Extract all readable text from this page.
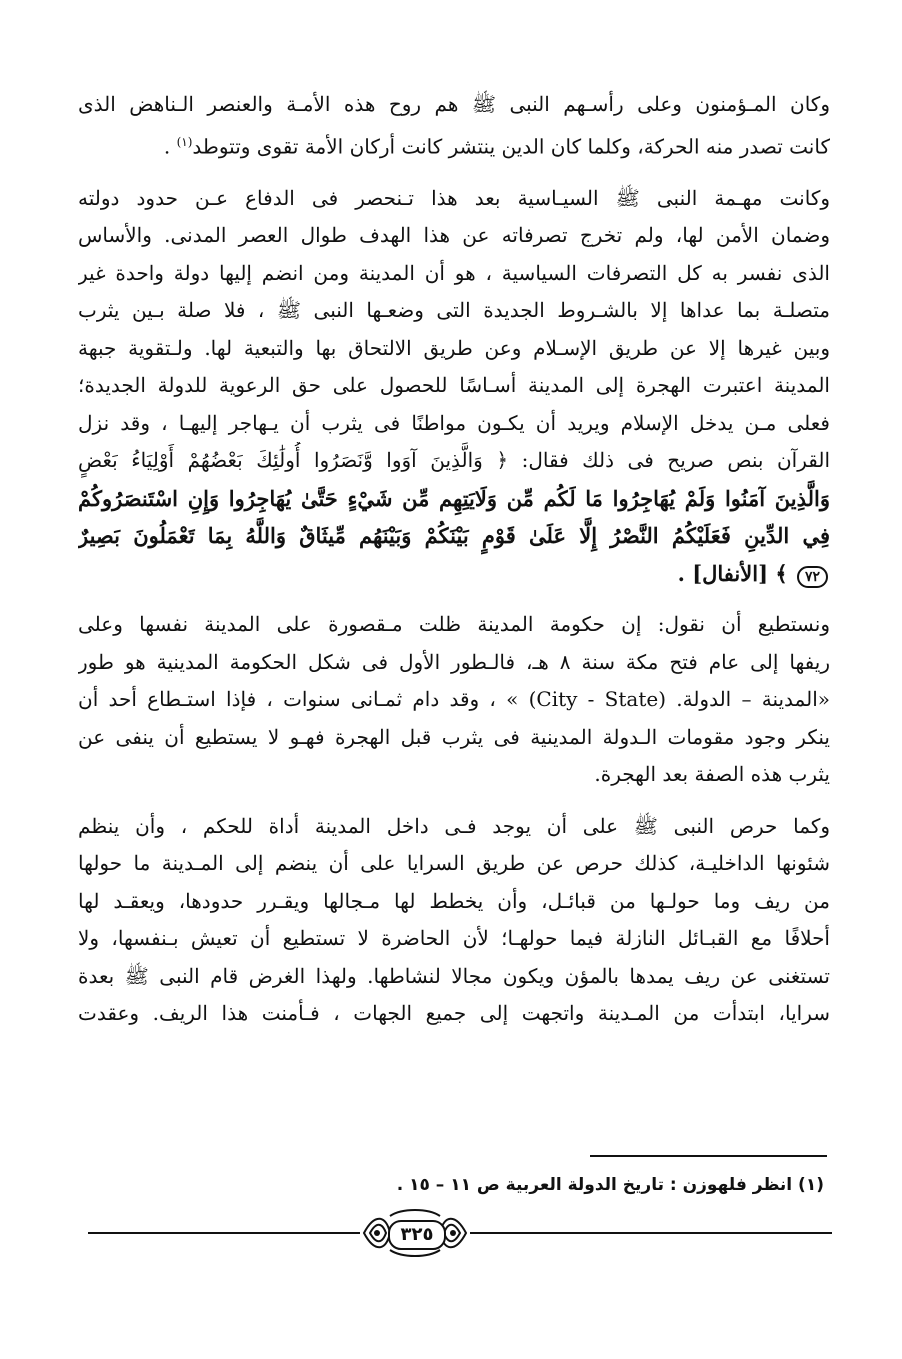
وكان المـؤمنون وعلى رأسـهم النبى ﷺ هم روح هذه الأمـة والعنصر الـناهض الذى
كانت تصدر منه الحركة، وكلما كان الدين ينتشر كانت أركان الأمة تقوى وتتوطد$^{(١)}$ .

وكانت مهـمة النبى ﷺ السيـاسية بعد هذا تـنحصر فى الدفاع عـن حدود دولته
وضمان الأمن لها، ولم تخرج تصرفاته عن هذا الهدف طوال العصر المدنى. والأساس
الذى نفسر به كل التصرفات السياسية ، هو أن المدينة ومن انضم إليها دولة واحدة غير
متصلـة بما عداها إلا بالشـروط الجديدة التى وضعـها النبى ﷺ ، فلا صلة بـين يثرب
وبين غيرها إلا عن طريق الإسـلام وعن طريق الالتحاق بها والتبعية لها. ولـتقوية جبهة
المدينة اعتبرت الهجرة إلى المدينة أسـاسًا للحصول على حق الرعوية للدولة الجديدة؛
فعلى مـن يدخل الإسلام ويريد أن يكـون مواطنًا فى يثرب أن يـهاجر إليهـا ، وقد نزل
القرآن بنص صريح فى ذلك فقال: ﴿ وَالَّذِينَ آوَوا وَّنَصَرُوا أُولَٰئِكَ بَعْضُهُمْ أَوْلِيَاءُ بَعْضٍ
وَالَّذِينَ آمَنُوا وَلَمْ يُهَاجِرُوا مَا لَكُم مِّن وَلَايَتِهِم مِّن شَيْءٍ حَتَّىٰ يُهَاجِرُوا وَإِنِ اسْتَنصَرُوكُمْ
فِي الدِّينِ فَعَلَيْكُمُ النَّصْرُ إِلَّا عَلَىٰ قَوْمٍ بَيْنَكُمْ وَبَيْنَهُم مِّيثَاقٌ وَاللَّهُ بِمَا تَعْمَلُونَ بَصِيرٌ
٧٢ ﴾ [الأنفال] .

ونستطيع أن نقول: إن حكومة المدينة ظلت مـقصورة على المدينة نفسها وعلى
ريفها إلى عام فتح مكة سنة ٨ هـ، فالـطور الأول فى شكل الحكومة المدينية هو طور
«المدينة – الدولة. (City - State) » ، وقد دام ثمـانى سنوات ، فإذا استـطاع أحد أن
ينكر وجود مقومات الـدولة المدينية فى يثرب قبل الهجرة فهـو لا يستطيع أن ينفى عن
يثرب هذه الصفة بعد الهجرة.

وكما حرص النبى ﷺ على أن يوجد فـى داخل المدينة أداة للحكم ، وأن ينظم
شئونها الداخليـة، كذلك حرص عن طريق السرايا على أن ينضم إلى المـدينة ما حولها
من ريف وما حولـها من قبائـل، وأن يخطط لها مـجالها ويقـرر حدودها، ويعقـد لها
أحلافًا مع القبـائل النازلة فيما حولهـا؛ لأن الحاضرة لا تستطيع أن تعيش بـنفسها، ولا
تستغنى عن ريف يمدها بالمؤن ويكون مجالا لنشاطها. ولهذا الغرض قام النبى ﷺ بعدة
سرايا، ابتدأت من المـدينة واتجهت إلى جميع الجهات ، فـأمنت هذا الريف. وعقدت

(١) انظر فلهوزن : تاريخ الدولة العربية ص ١١ – ١٥ .
٣٢٥
